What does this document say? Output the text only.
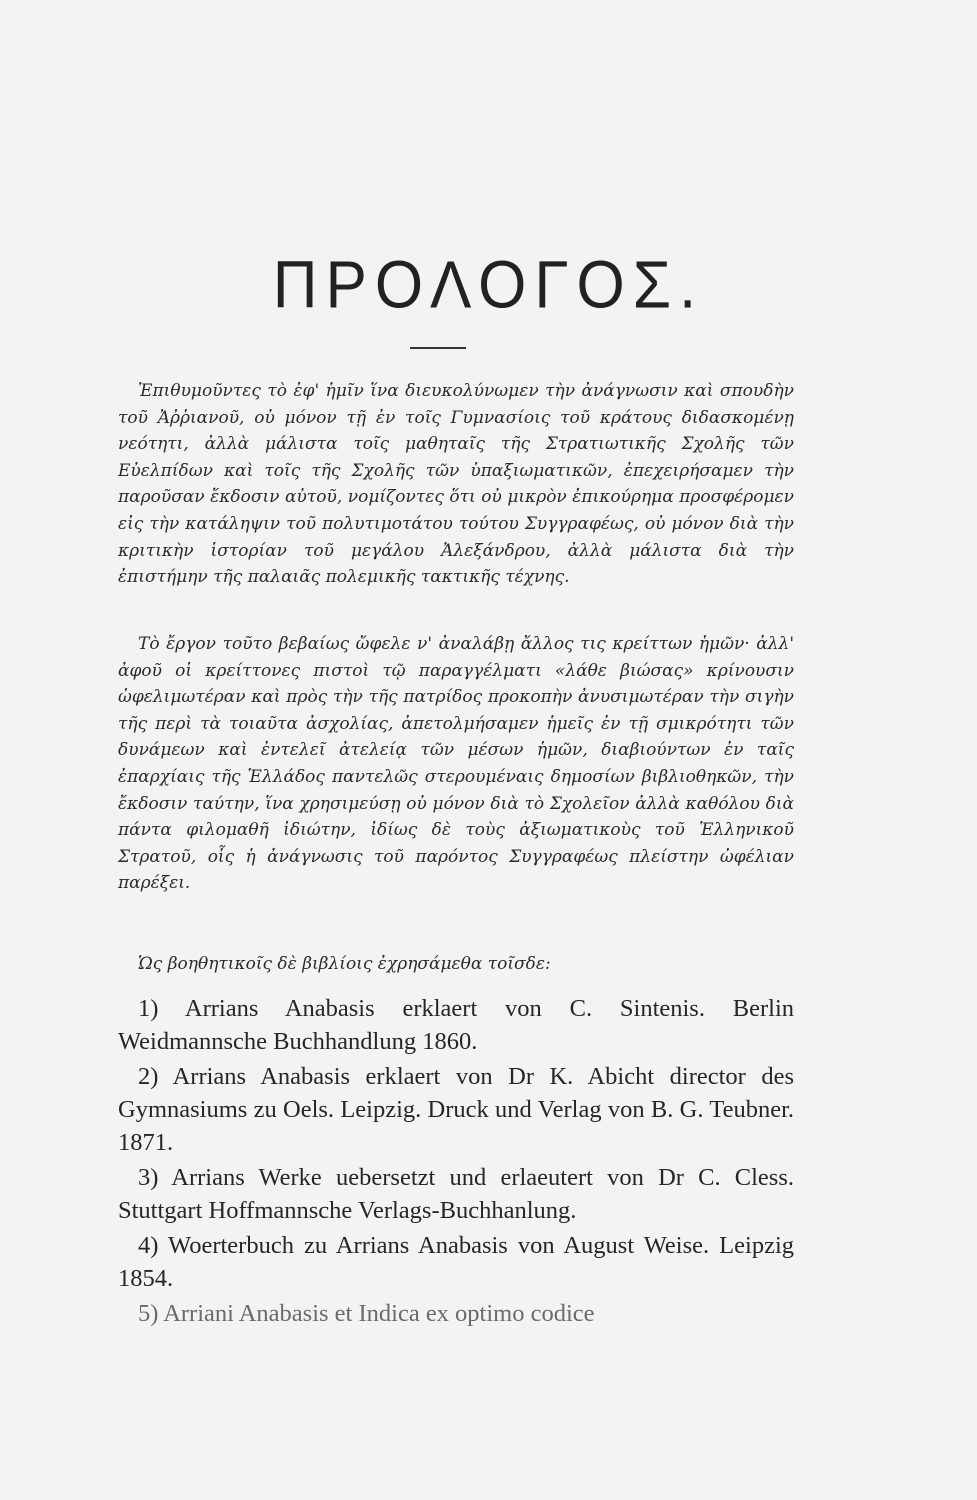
ΠΡΟΛΟΓΟΣ.

Ἐπιθυμοῦντες τὸ ἐφ' ἡμῖν ἵνα διευκολύνωμεν τὴν ἀνάγνωσιν καὶ σπουδὴν τοῦ Ἀῤῥιανοῦ, οὐ μόνον τῇ ἐν τοῖς Γυμνασίοις τοῦ κράτους διδασκομένῃ νεότητι, ἀλλὰ μάλιστα τοῖς μαθηταῖς τῆς Στρατιωτικῆς Σχολῆς τῶν Εὐελπίδων καὶ τοῖς τῆς Σχολῆς τῶν ὑπαξιωματικῶν, ἐπεχειρήσαμεν τὴν παροῦσαν ἔκδοσιν αὐτοῦ, νομίζοντες ὅτι οὐ μικρὸν ἐπικούρημα προσφέρομεν εἰς τὴν κατάληψιν τοῦ πολυτιμοτάτου τούτου Συγγραφέως, οὐ μόνον διὰ τὴν κριτικὴν ἱστορίαν τοῦ μεγάλου Ἀλεξάνδρου, ἀλλὰ μάλιστα διὰ τὴν ἐπιστήμην τῆς παλαιᾶς πολεμικῆς τακτικῆς τέχνης.

Τὸ ἔργον τοῦτο βεβαίως ὤφελε ν' ἀναλάβῃ ἄλλος τις κρείττων ἡμῶν· ἀλλ' ἀφοῦ οἱ κρείττονες πιστοὶ τῷ παραγγέλματι «λάθε βιώσας» κρίνουσιν ὠφελιμωτέραν καὶ πρὸς τὴν τῆς πατρίδος προκοπὴν ἀνυσιμωτέραν τὴν σιγὴν τῆς περὶ τὰ τοιαῦτα ἀσχολίας, ἀπετολμήσαμεν ἡμεῖς ἐν τῇ σμικρότητι τῶν δυνάμεων καὶ ἐντελεῖ ἀτελείᾳ τῶν μέσων ἡμῶν, διαβιούντων ἐν ταῖς ἐπαρχίαις τῆς Ἑλλάδος παντελῶς στερουμέναις δημοσίων βιβλιοθηκῶν, τὴν ἔκδοσιν ταύτην, ἵνα χρησιμεύσῃ οὐ μόνον διὰ τὸ Σχολεῖον ἀλλὰ καθόλου διὰ πάντα φιλομαθῆ ἰδιώτην, ἰδίως δὲ τοὺς ἀξιωματικοὺς τοῦ Ἑλληνικοῦ Στρατοῦ, οἷς ἡ ἀνάγνωσις τοῦ παρόντος Συγγραφέως πλείστην ὠφέλιαν παρέξει.

Ὡς βοηθητικοῖς δὲ βιβλίοις ἐχρησάμεθα τοῖσδε:

1) Arrians Anabasis erklaert von C. Sintenis. Berlin Weidmannsche Buchhandlung 1860.
2) Arrians Anabasis erklaert von Dr K. Abicht director des Gymnasiums zu Oels. Leipzig. Druck und Verlag von B. G. Teubner. 1871.
3) Arrians Werke uebersetzt und erlaeutert von Dr C. Cless. Stuttgart Hoffmannsche Verlags-Buchhanlung.
4) Woerterbuch zu Arrians Anabasis von August Weise. Leipzig 1854.
5) Arriani Anabasis et Indica ex optimo codice
